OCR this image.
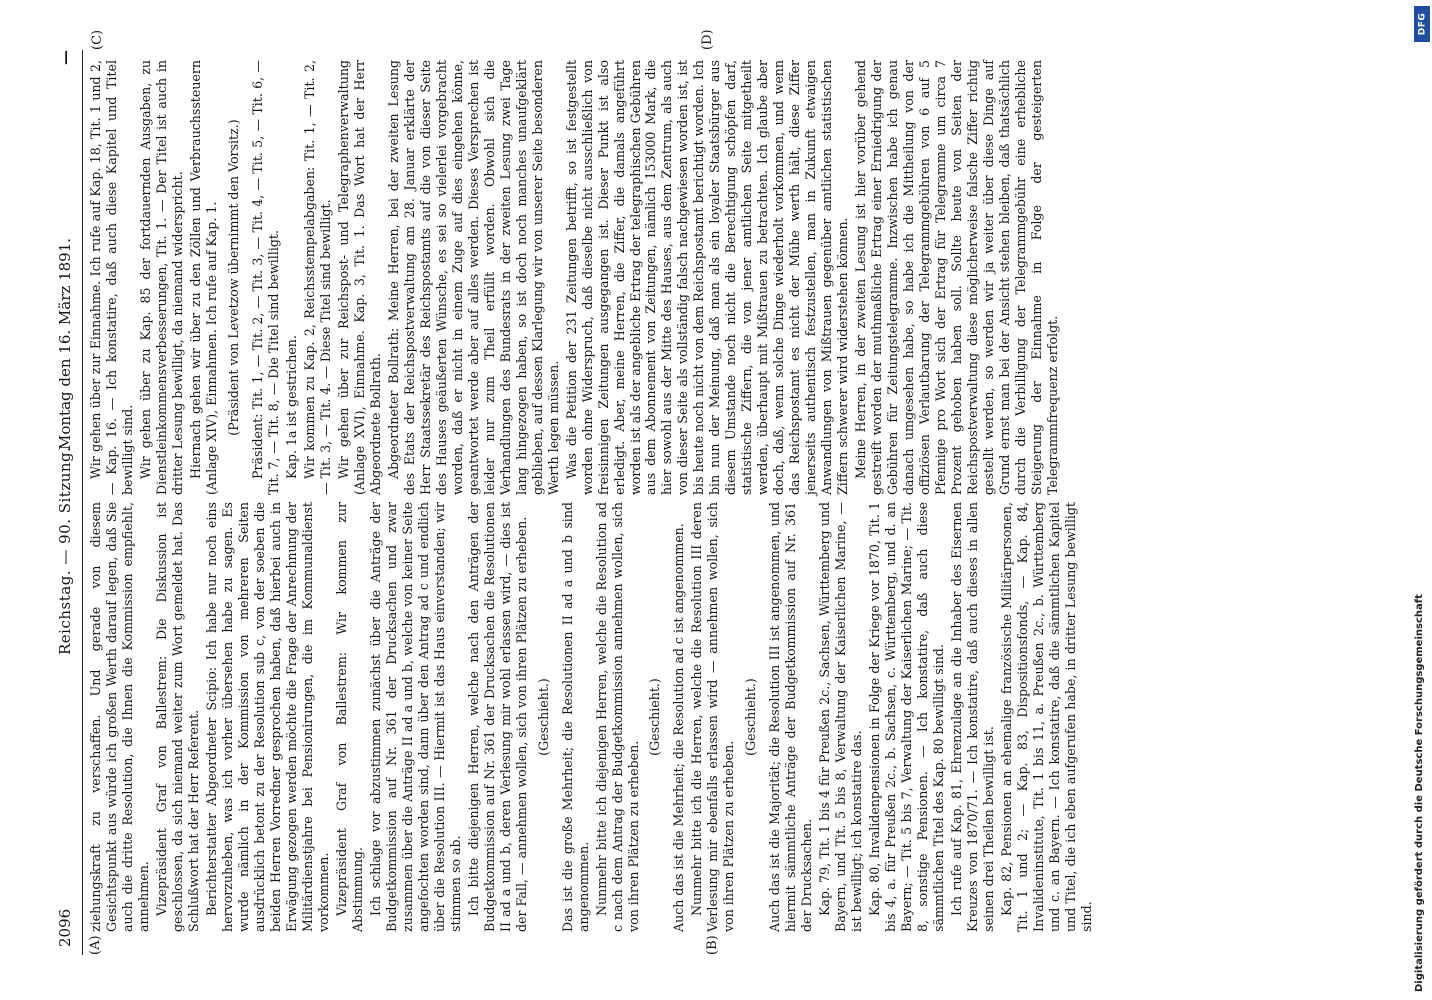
2096
Reichstag. — 90. Sitzung.
Montag den 16. März 1891.
—
(A)	(B)
(C)	(D)

ziehungskraft zu verschaffen. Und gerade von diesem Gesichtspunkt aus würde ich großen Werth darauf legen, daß Sie auch die dritte Resolution, die Ihnen die Kommission empfiehlt, annehmen. Vizepräsident Graf von Ballestrem: Die Diskussion ist geschlossen, da sich niemand weiter zum Wort gemeldet hat. Das Schlußwort hat der Herr Referent. Berichterstatter Abgeordneter Scipio: Ich habe nur noch eins hervorzuheben, was ich vorher übersehen habe zu sagen. Es wurde nämlich in der Kommission von mehreren Seiten ausdrücklich betont zu der Resolution sub c, von der soeben die beiden Herren Vorredner gesprochen haben, daß hierbei auch in Erwägung gezogen werden möchte die Frage der Anrechnung der Militärdienstjahre bei Pensionirungen, die im Kommunaldienst vorkommen. Vizepräsident Graf von Ballestrem: Wir kommen zur Abstimmung. Ich schlage vor abzustimmen zunächst über die Anträge der Budgetkommission auf Nr. 361 der Drucksachen und zwar zusammen über die Anträge II ad a und b, welche von keiner Seite angefochten worden sind, dann über den Antrag ad c und endlich über die Resolution III. — Hiermit ist das Haus einverstanden; wir stimmen so ab. Ich bitte diejenigen Herren, welche nach den Anträgen der Budgetkommission auf Nr. 361 der Drucksachen die Resolutionen II ad a und b, deren Verlesung mir wohl erlassen wird, — dies ist der Fall, — annehmen wollen, sich von ihren Plätzen zu erheben. (Geschieht.) Das ist die große Mehrheit; die Resolutionen II ad a und b sind angenommen. Nunmehr bitte ich diejenigen Herren, welche die Resolution ad c nach dem Antrag der Budgetkommission annehmen wollen, sich von ihren Plätzen zu erheben.

(Geschieht.) Auch das ist die Mehrheit; die Resolution ad c ist angenommen. Nunmehr bitte ich die Herren, welche die Resolution III deren Verlesung mir ebenfalls erlassen wird — annehmen wollen, sich von ihren Plätzen zu erheben.

(Geschieht.) Auch das ist die Majorität; die Resolution III ist angenommen, und hiermit sämmtliche Anträge der Budgetkommission auf Nr. 361 der Drucksachen. Kap. 79, Tit. 1 bis 4 für Preußen 2c., Sachsen, Württemberg und Bayern, und Tit. 5 bis 8, Verwaltung der Kaiserlichen Marine, — ist bewilligt; ich konstatire das. Kap. 80, Invalidenpensionen in Folge der Kriege vor 1870, Tit. 1 bis 4, a. für Preußen 2c., b. Sachsen, c. Württemberg, und d. an Bayern; — Tit. 5 bis 7, Verwaltung der Kaiserlichen Marine; — Tit. 8, sonstige Pensionen. — Ich konstatire, daß auch diese sämmtlichen Titel des Kap. 80 bewilligt sind. Ich rufe auf Kap. 81, Ehrenzulage an die Inhaber des Eisernen Kreuzes von 1870/71. — Ich konstatire, daß auch dieses in allen seinen drei Theilen bewilligt ist. Kap. 82, Pensionen an ehemalige französische Militärpersonen, Tit. 1 und 2; — Kap. 83, Dispositionsfonds, — Kap. 84, Invalideninstitute, Tit. 1 bis 11, a. Preußen 2c., b. Württemberg und c. an Bayern. — Ich konstatire, daß die sämmtlichen Kapitel und Titel, die ich eben aufgerufen habe, in dritter Lesung bewilligt sind.

Wir gehen über zur Einnahme. Ich rufe auf Kap. 18, Tit. 1 und 2, — Kap. 16. — Ich konstatire, daß auch diese Kapitel und Titel bewilligt sind. Wir gehen über zu Kap. 85 der fortdauernden Ausgaben, zu Dienstleinkommensverbesserungen, Tit. 1. — Der Titel ist auch in dritter Lesung bewilligt, da niemand widerspricht. Hiernach gehen wir über zu den Zöllen und Verbrauchssteuern (Anlage XIV), Einnahmen. Ich rufe auf Kap. 1. (Präsident von Levetzow übernimmt den Vorsitz.) Präsident: Tit. 1, — Tit. 2, — Tit. 3, — Tit. 4, — Tit. 5, — Tit. 6, — Tit. 7, — Tit. 8, — Die Titel sind bewilligt. Kap. 1a ist gestrichen. Wir kommen zu Kap. 2, Reichsstempelabgaben: Tit. 1, — Tit. 2, — Tit. 3, — Tit. 4. — Diese Titel sind bewilligt. Wir gehen über zur Reichspost- und Telegraphenverwaltung (Anlage XVI), Einnahme. Kap. 3, Tit. 1. Das Wort hat der Herr Abgeordnete Bollrath. Abgeordneter Bollrath: Meine Herren, bei der zweiten Lesung des Etats der Reichspostverwaltung am 28. Januar erklärte der Herr Staatssekretär des Reichspostamts auf die von dieser Seite des Hauses geäußerten Wünsche, es sei so vielerlei vorgebracht worden, daß er nicht in einem Zuge auf dies eingehen könne, geantwortet werde aber auf alles werden. Dieses Versprechen ist leider nur zum Theil erfüllt worden. Obwohl sich die Verhandlungen des Bundesrats in der zweiten Lesung zwei Tage lang hingezogen haben, so ist doch noch manches unaufgeklärt geblieben, auf dessen Klarlegung wir von unserer Seite besonderen Werth legen müssen. Was die Petition der 231 Zeitungen betrifft, so ist festgestellt worden ohne Widerspruch, daß dieselbe nicht ausschließlich von freisinnigen Zeitungen ausgegangen ist. Dieser Punkt ist also erledigt. Aber, meine Herren, die Ziffer, die damals angeführt worden ist als der angebliche Ertrag der telegraphischen Gebühren aus dem Abonnement von Zeitungen, nämlich 153000 Mark, die hier sowohl aus der Mitte des Hauses, aus dem Zentrum, als auch von dieser Seite als vollständig falsch nachgewiesen worden ist, ist bis heute noch nicht von dem Reichspostamt berichtigt worden. Ich bin nun der Meinung, daß man als ein loyaler Staatsbürger aus diesem Umstande noch nicht die Berechtigung schöpfen darf, statistische Ziffern, die von jener amtlichen Seite mitgetheilt werden, überhaupt mit Mißtrauen zu betrachten. Ich glaube aber doch, daß, wenn solche Dinge wiederholt vorkommen, und wenn das Reichspostamt es nicht der Mühe werth hält, diese Ziffer jenerseits authentisch festzustellen, man in Zukunft etwaigen Anwandlungen von Mißtrauen gegenüber amtlichen statistischen Ziffern schwerer wird widerstehen können. Meine Herren, in der zweiten Lesung ist hier vorüber gehend gestreift worden der muthmaßliche Ertrag einer Erniedrigung der Gebühren für Zeitungstelegramme. Inzwischen habe ich genau danach umgesehen habe, so habe ich die Mittheilung von der offiziösen Verlautbarung der Telegrammgebühren von 6 auf 5 Pfennige pro Wort sich der Ertrag für Telegramme um circa 7 Prozent gehoben haben soll. Sollte heute von Seiten der Reichspostverwaltung diese möglicherweise falsche Ziffer richtig gestellt werden, so werden wir ja weiter über diese Dinge auf Grund ernst man bei der Ansicht stehen bleiben, daß thatsächlich durch die Verbilligung der Telegrammgebühr eine erhebliche Steigerung der Einnahme in Folge der gesteigerten Telegrammfrequenz erfolgt.

DFG
Digitalisierung gefördert durch die Deutsche Forschungsgemeinschaft
